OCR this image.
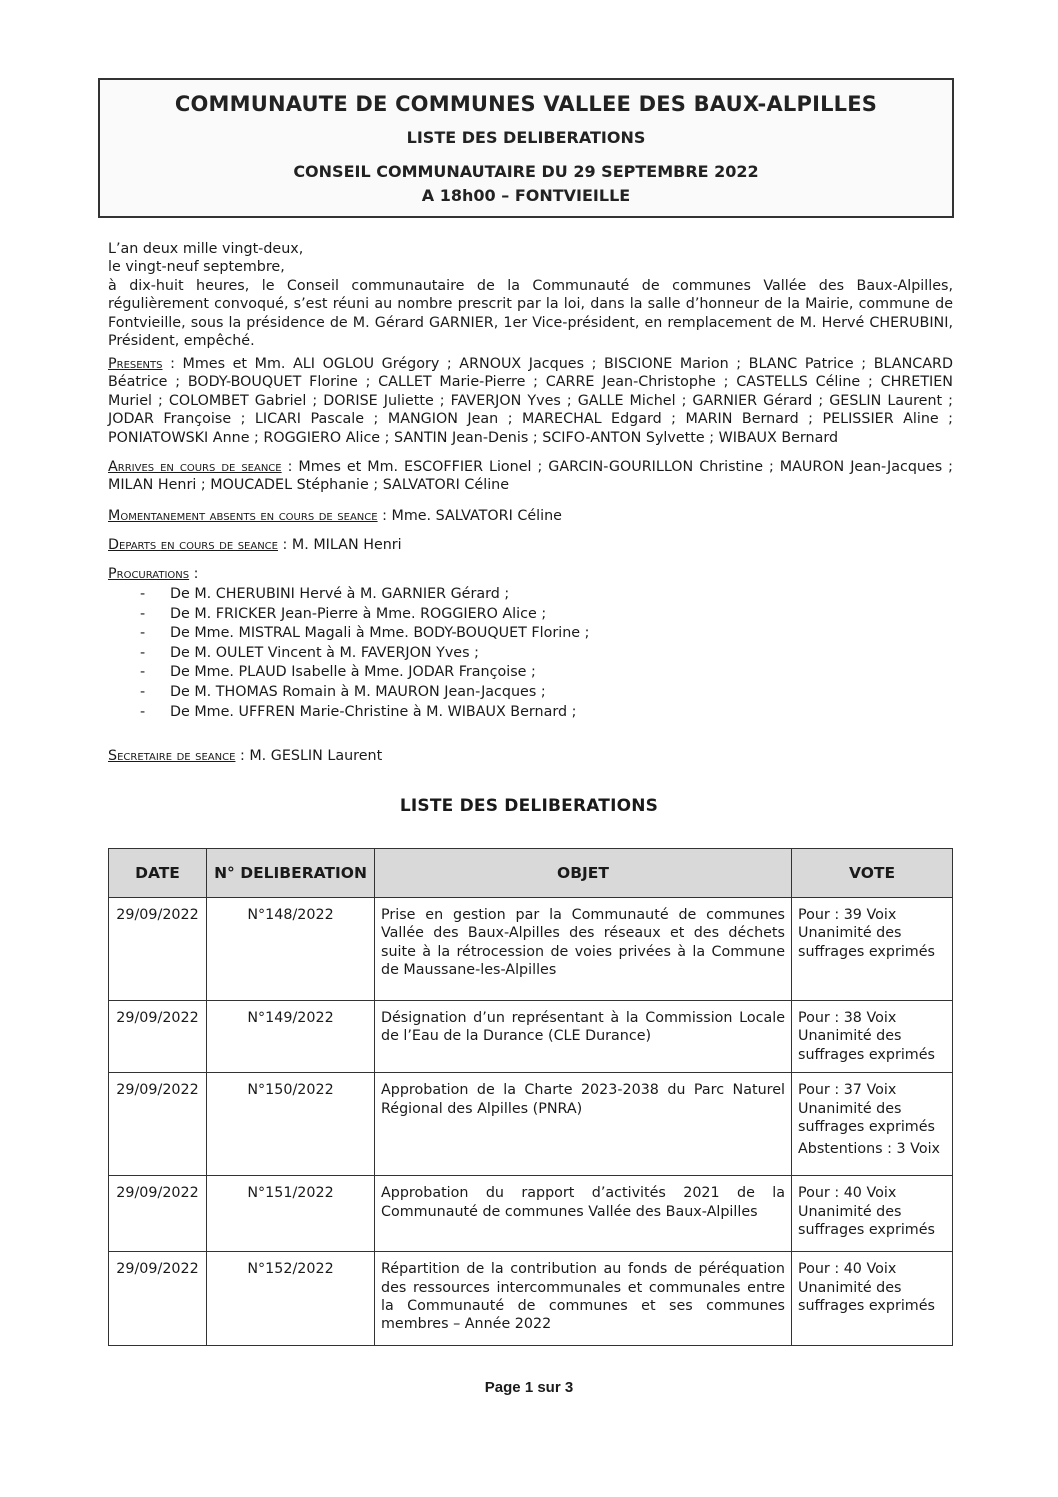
COMMUNAUTE DE COMMUNES VALLEE DES BAUX-ALPILLES
LISTE DES DELIBERATIONS
CONSEIL COMMUNAUTAIRE DU 29 SEPTEMBRE 2022
A 18h00 – FONTVIEILLE
L’an deux mille vingt-deux,
le vingt-neuf septembre,
à dix-huit heures, le Conseil communautaire de la Communauté de communes Vallée des Baux-Alpilles, régulièrement convoqué, s’est réuni au nombre prescrit par la loi, dans la salle d’honneur de la Mairie, commune de Fontvieille, sous la présidence de M. Gérard GARNIER, 1er Vice-président, en remplacement de M. Hervé CHERUBINI, Président, empêché.
Presents : Mmes et Mm. ALI OGLOU Grégory ; ARNOUX Jacques ; BISCIONE Marion ; BLANC Patrice ; BLANCARD Béatrice ; BODY-BOUQUET Florine ; CALLET Marie-Pierre ; CARRE Jean-Christophe ; CASTELLS Céline ; CHRETIEN Muriel ; COLOMBET Gabriel ; DORISE Juliette ; FAVERJON Yves ; GALLE Michel ; GARNIER Gérard ; GESLIN Laurent ; JODAR Françoise ; LICARI Pascale ; MANGION Jean ; MARECHAL Edgard ; MARIN Bernard ; PELISSIER Aline ; PONIATOWSKI Anne ; ROGGIERO Alice ; SANTIN Jean-Denis ; SCIFO-ANTON Sylvette ; WIBAUX Bernard
Arrives en cours de seance : Mmes et Mm. ESCOFFIER Lionel ; GARCIN-GOURILLON Christine ; MAURON Jean-Jacques ; MILAN Henri ; MOUCADEL Stéphanie ; SALVATORI Céline
Momentanement absents en cours de seance : Mme. SALVATORI Céline
Departs en cours de seance : M. MILAN Henri
Procurations :
-	De M. CHERUBINI Hervé à M. GARNIER Gérard ;
-	De M. FRICKER Jean-Pierre à Mme. ROGGIERO Alice ;
-	De Mme. MISTRAL Magali à Mme. BODY-BOUQUET Florine ;
-	De M. OULET Vincent à M. FAVERJON Yves ;
-	De Mme. PLAUD Isabelle à Mme. JODAR Françoise ;
-	De M. THOMAS Romain à M. MAURON Jean-Jacques ;
-	De Mme. UFFREN Marie-Christine à M. WIBAUX Bernard ;
Secretaire de seance : M. GESLIN Laurent
LISTE DES DELIBERATIONS
DATE	N° DELIBERATION	OBJET	VOTE
29/09/2022	N°148/2022	Prise en gestion par la Communauté de communes Vallée des Baux-Alpilles des réseaux et des déchets suite à la rétrocession de voies privées à la Commune de Maussane-les-Alpilles	Pour : 39 Voix
Unanimité des
suffrages exprimés

29/09/2022	N°149/2022	Désignation d’un représentant à la Commission Locale de l’Eau de la Durance (CLE Durance)	Pour : 38 Voix
Unanimité des
suffrages exprimés

29/09/2022	N°150/2022	Approbation de la Charte 2023-2038 du Parc Naturel Régional des Alpilles (PNRA)	Pour : 37 Voix
Unanimité des
suffrages exprimés
Abstentions : 3 Voix

29/09/2022	N°151/2022	Approbation du rapport d’activités 2021 de la Communauté de communes Vallée des Baux-Alpilles	Pour : 40 Voix
Unanimité des
suffrages exprimés

29/09/2022	N°152/2022	Répartition de la contribution au fonds de péréquation des ressources intercommunales et communales entre la Communauté de communes et ses communes membres – Année 2022	Pour : 40 Voix
Unanimité des
suffrages exprimés
Page 1 sur 3
